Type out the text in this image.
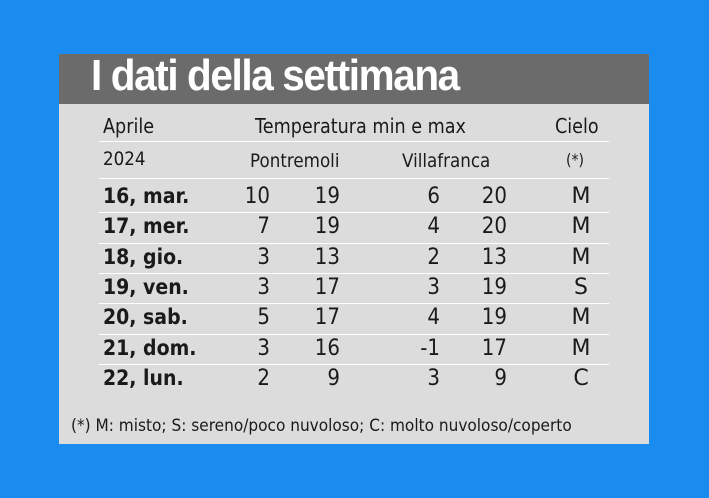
I dati della settimana
Aprile	Temperatura min e max	Cielo
2024	Pontremoli	Villafranca	(*)
16, mar.	10	19	6	20	M
17, mer.	7	19	4	20	M
18, gio.	3	13	2	13	M
19, ven.	3	17	3	19	S
20, sab.	5	17	4	19	M
21, dom.	3	16	-1	17	M
22, lun.	2	9	3	9	C
(*) M: misto; S: sereno/poco nuvoloso; C: molto nuvoloso/coperto
